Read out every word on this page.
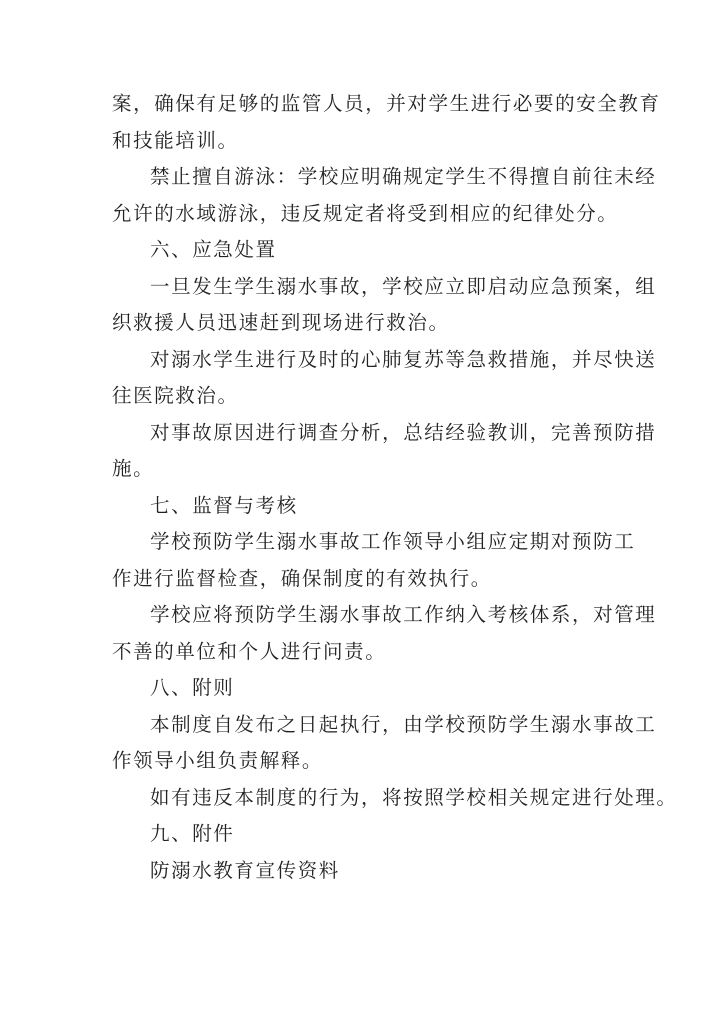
案，确保有足够的监管人员，并对学生进行必要的安全教育
和技能培训。
禁止擅自游泳：学校应明确规定学生不得擅自前往未经
允许的水域游泳，违反规定者将受到相应的纪律处分。
六、应急处置
一旦发生学生溺水事故，学校应立即启动应急预案，组
织救援人员迅速赶到现场进行救治。
对溺水学生进行及时的心肺复苏等急救措施，并尽快送
往医院救治。
对事故原因进行调查分析，总结经验教训，完善预防措
施。
七、监督与考核
学校预防学生溺水事故工作领导小组应定期对预防工
作进行监督检查，确保制度的有效执行。
学校应将预防学生溺水事故工作纳入考核体系，对管理
不善的单位和个人进行问责。
八、附则
本制度自发布之日起执行，由学校预防学生溺水事故工
作领导小组负责解释。
如有违反本制度的行为，将按照学校相关规定进行处理。
九、附件
防溺水教育宣传资料
